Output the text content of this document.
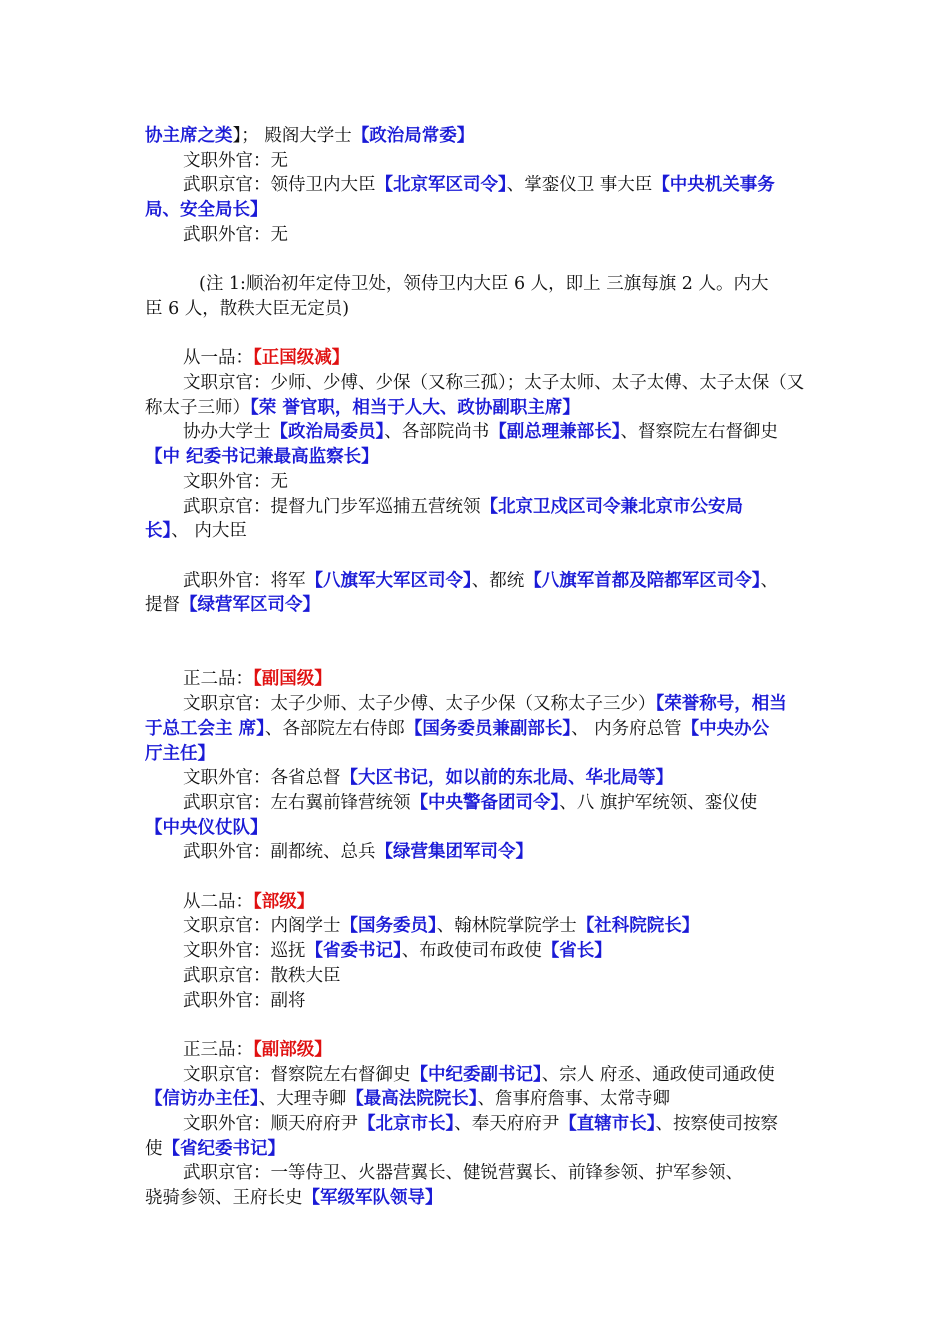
协主席之类】； 殿阁大学士【政治局常委】
文职外官：无
武职京官：领侍卫内大臣【北京军区司令】、掌銮仪卫 事大臣【中央机关事务
局、安全局长】
武职外官：无
(注 1:顺治初年定侍卫处，领侍卫内大臣 6 人，即上 三旗每旗 2 人。内大
臣 6 人，散秩大臣无定员)
从一品：【正国级减】
文职京官：少师、少傅、少保（又称三孤）；太子太师、太子太傅、太子太保（又
称太子三师）【荣 誉官职，相当于人大、政协副职主席】
协办大学士【政治局委员】、各部院尚书【副总理兼部长】、督察院左右督御史
【中 纪委书记兼最高监察长】
文职外官：无
武职京官：提督九门步军巡捕五营统领【北京卫戍区司令兼北京市公安局
长】、 内大臣
武职外官：将军【八旗军大军区司令】、都统【八旗军首都及陪都军区司令】、
提督【绿营军区司令】
正二品：【副国级】
文职京官：太子少师、太子少傅、太子少保（又称太子三少）【荣誉称号，相当
于总工会主 席】、各部院左右侍郎【国务委员兼副部长】、 内务府总管【中央办公
厅主任】
文职外官：各省总督【大区书记，如以前的东北局、华北局等】
武职京官：左右翼前锋营统领【中央警备团司令】、八 旗护军统领、銮仪使
【中央仪仗队】
武职外官：副都统、总兵【绿营集团军司令】
从二品：【部级】
文职京官：内阁学士【国务委员】、翰林院掌院学士【社科院院长】
文职外官：巡抚【省委书记】、布政使司布政使【省长】
武职京官：散秩大臣
武职外官：副将
正三品：【副部级】
文职京官：督察院左右督御史【中纪委副书记】、宗人 府丞、通政使司通政使
【信访办主任】、大理寺卿【最高法院院长】、詹事府詹事、太常寺卿
文职外官：顺天府府尹【北京市长】、奉天府府尹【直辖市长】、按察使司按察
使【省纪委书记】
武职京官：一等侍卫、火器营翼长、健锐营翼长、前锋参领、护军参领、
骁骑参领、王府长史【军级军队领导】
